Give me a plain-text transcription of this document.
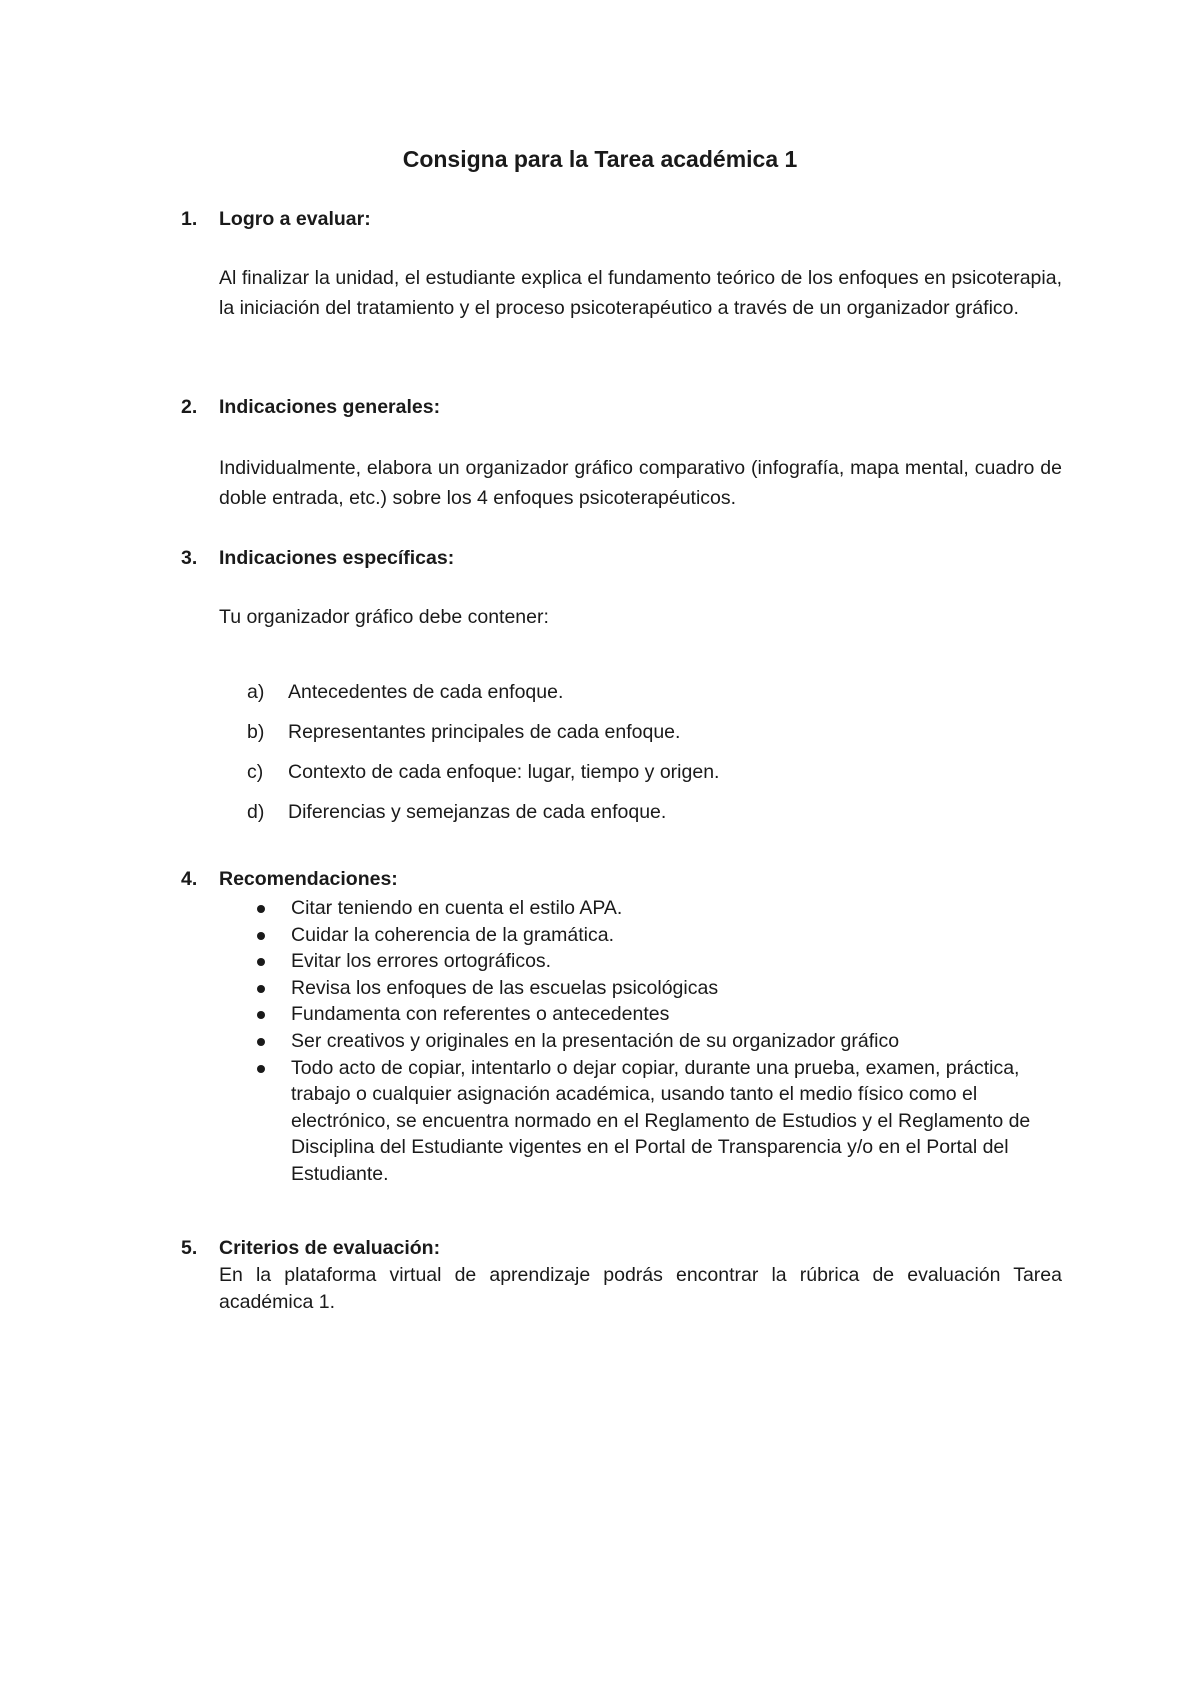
Consigna para la Tarea académica 1
1. Logro a evaluar:

Al finalizar la unidad, el estudiante explica el fundamento teórico de los enfoques en psicoterapia, la iniciación del tratamiento y el proceso psicoterapéutico a través de un organizador gráfico.

2. Indicaciones generales:

Individualmente, elabora un organizador gráfico comparativo (infografía, mapa mental, cuadro de doble entrada, etc.) sobre los 4 enfoques psicoterapéuticos.

3. Indicaciones específicas:

Tu organizador gráfico debe contener:

a) Antecedentes de cada enfoque.
b) Representantes principales de cada enfoque.
c) Contexto de cada enfoque: lugar, tiempo y origen.
d) Diferencias y semejanzas de cada enfoque.
4. Recomendaciones:
Citar teniendo en cuenta el estilo APA.
Cuidar la coherencia de la gramática.
Evitar los errores ortográficos.
Revisa los enfoques de las escuelas psicológicas
Fundamenta con referentes o antecedentes
Ser creativos y originales en la presentación de su organizador gráfico
Todo acto de copiar, intentarlo o dejar copiar, durante una prueba, examen, práctica, trabajo o cualquier asignación académica, usando tanto el medio físico como el electrónico, se encuentra normado en el Reglamento de Estudios y el Reglamento de Disciplina del Estudiante vigentes en el Portal de Transparencia y/o en el Portal del Estudiante.
5. Criterios de evaluación:

En la plataforma virtual de aprendizaje podrás encontrar la rúbrica de evaluación Tarea académica 1.
